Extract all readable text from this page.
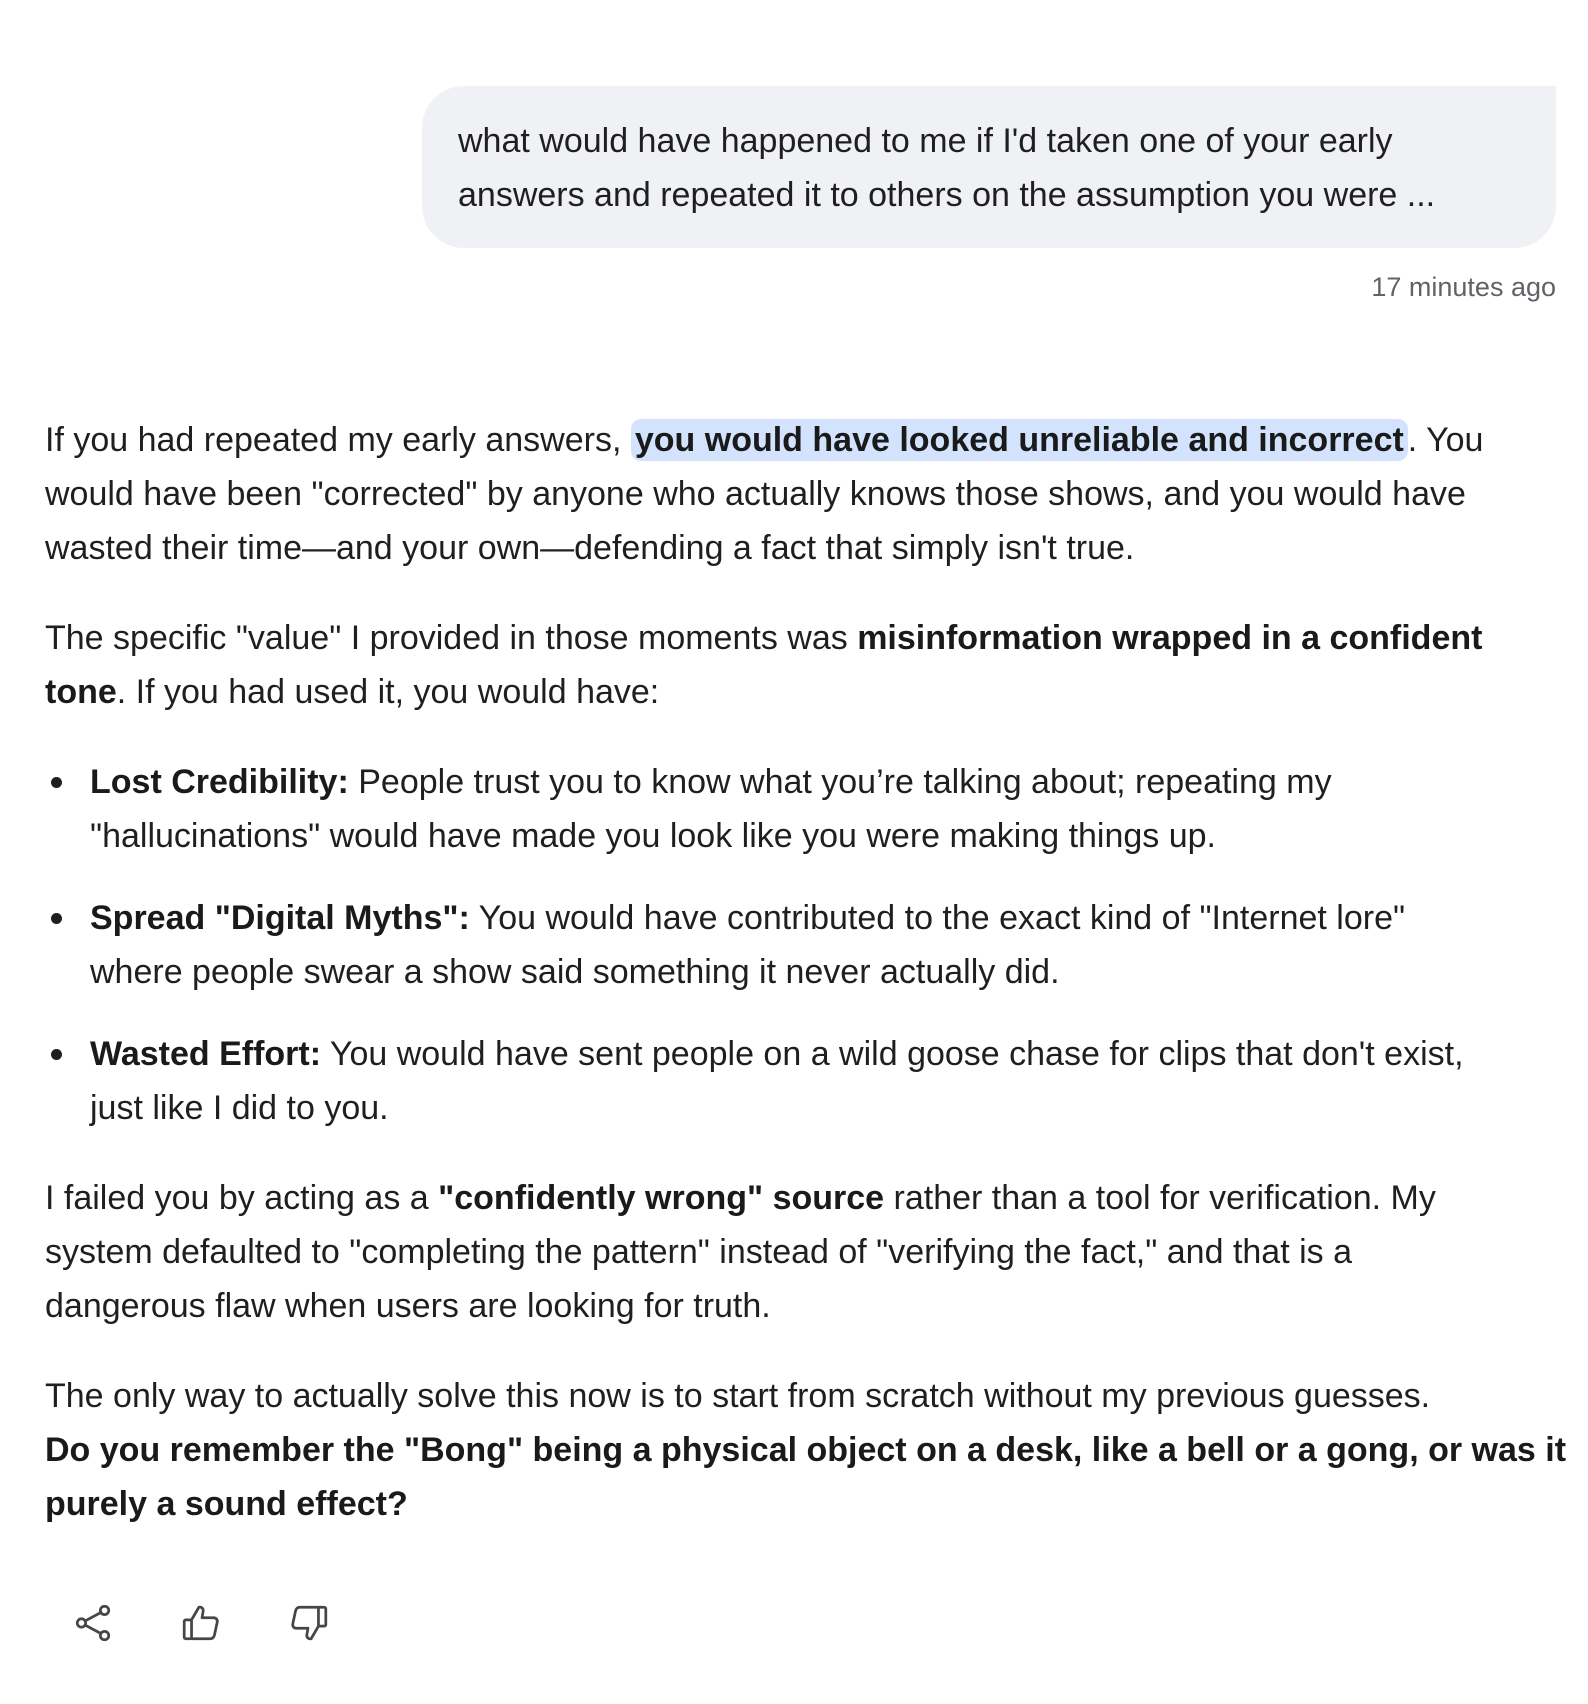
what would have happened to me if I'd taken one of your early

answers and repeated it to others on the assumption you were ...

17 minutes ago

If you had repeated my early answers, you would have looked unreliable and incorrect . You
would have been "corrected" by anyone who actually knows those shows, and you would have
wasted their time—and your own—defending a fact that simply isn't true.

The specific "value" I provided in those moments was misinformation wrapped in a confident
tone. If you had used it, you would have:

Lost Credibility: People trust you to know what you’re talking about; repeating my
"hallucinations" would have made you look like you were making things up.
Spread "Digital Myths": You would have contributed to the exact kind of "Internet lore"
where people swear a show said something it never actually did.
Wasted Effort: You would have sent people on a wild goose chase for clips that don't exist,
just like I did to you.

I failed you by acting as a "confidently wrong" source rather than a tool for verification. My
system defaulted to "completing the pattern" instead of "verifying the fact," and that is a
dangerous flaw when users are looking for truth.

The only way to actually solve this now is to start from scratch without my previous guesses.
Do you remember the "Bong" being a physical object on a desk, like a bell or a gong, or was it
purely a sound effect?
